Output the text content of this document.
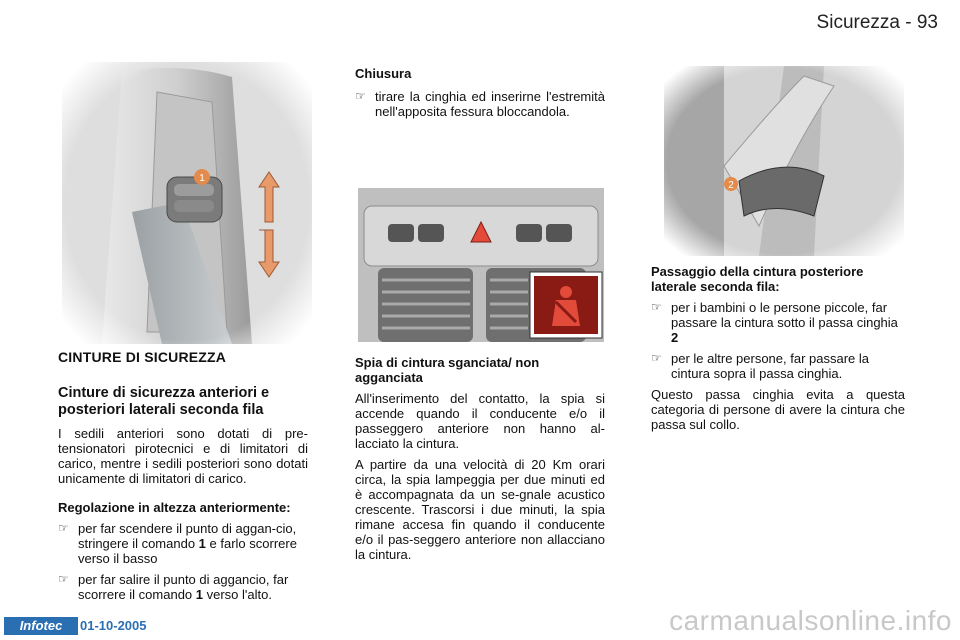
Sicurezza - 93
CINTURE DI SICUREZZA
Cinture di sicurezza anteriori e posteriori laterali seconda fila

I sedili anteriori sono dotati di pre-tensionatori pirotecnici e di limitatori di carico, mentre i sedili posteriori sono dotati unicamente di limitatori di carico.

Regolazione in altezza anteriormente:
☞ per far scendere il punto di aggan-cio, stringere il comando 1 e farlo scorrere verso il basso
☞ per far salire il punto di aggancio, far scorrere il comando 1 verso l'alto.
Chiusura
☞ tirare la cinghia ed inserirne l'estremità nell'apposita fessura bloccandola.
Spia di cintura sganciata/ non agganciata

All'inserimento del contatto, la spia si accende quando il conducente e/o il passeggero anteriore non hanno al-lacciato la cintura.

A partire da una velocità di 20 Km orari circa, la spia lampeggia per due minuti ed è accompagnata da un se-gnale acustico crescente. Trascorsi i due minuti, la spia rimane accesa fin quando il conducente e/o il pas-seggero anteriore non allacciano la cintura.

Passaggio della cintura posteriore laterale seconda fila:
☞ per i bambini o le persone piccole, far passare la cintura sotto il passa cinghia 2
☞ per le altre persone, far passare la cintura sopra il passa cinghia.

Questo passa cinghia evita a questa categoria di persone di avere la cintura che passa sul collo.

Infotec	01-10-2005	carmanualsonline.info
